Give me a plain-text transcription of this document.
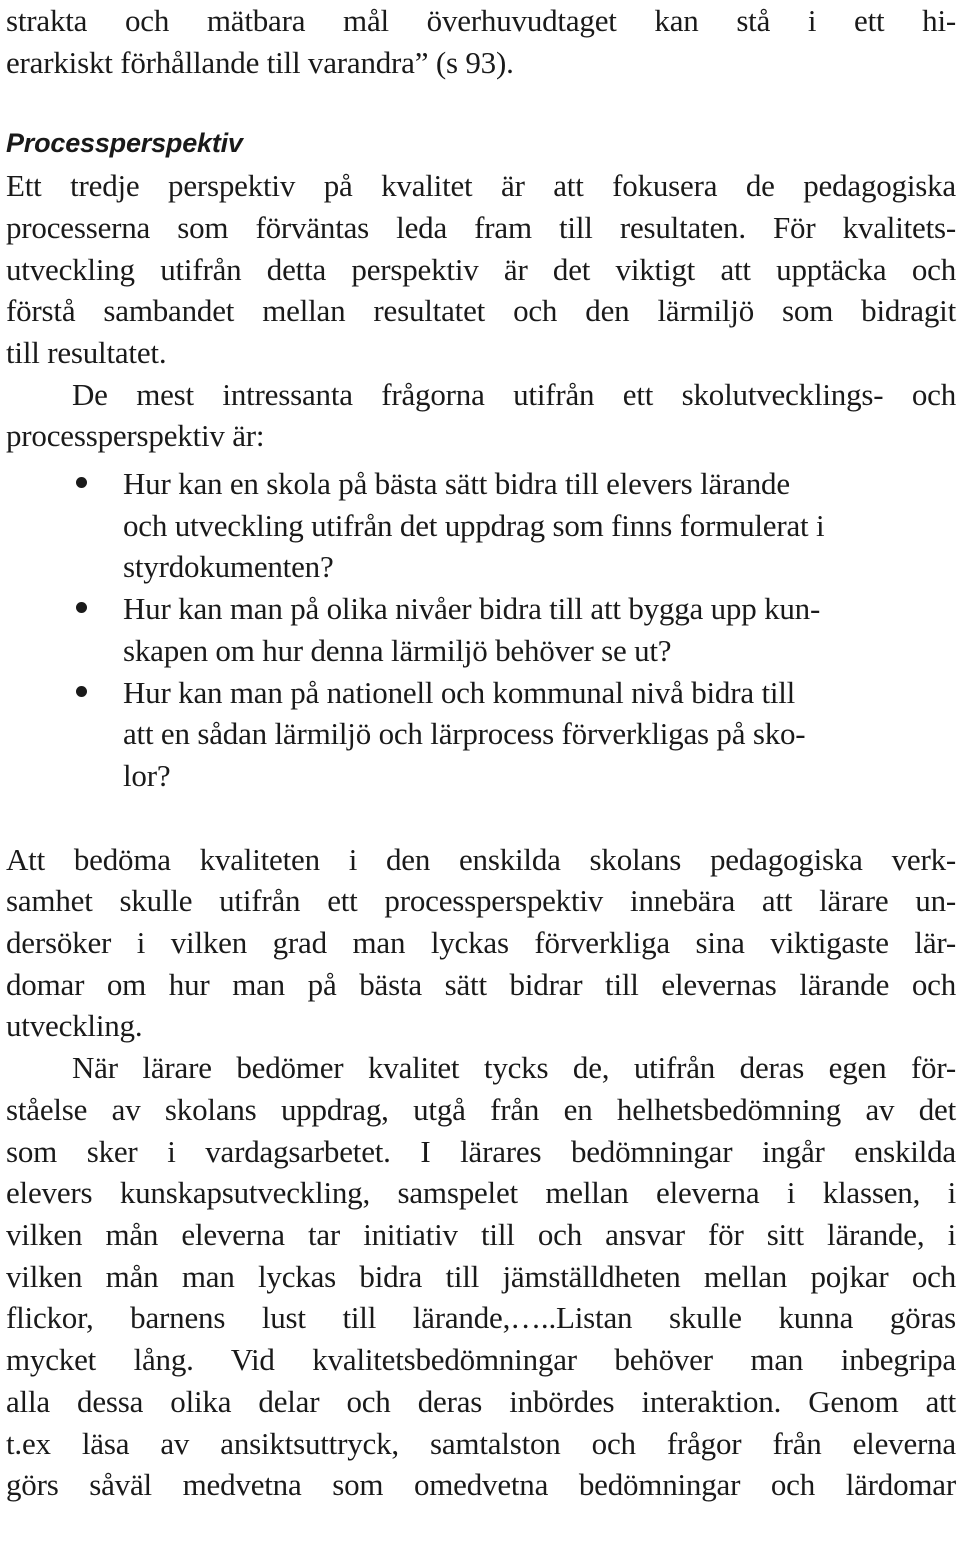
strakta och mätbara mål överhuvudtaget kan stå i ett hi-
erarkiskt förhållande till varandra” (s 93).
Processperspektiv
Ett tredje perspektiv på kvalitet är att fokusera de pedagogiska
processerna som förväntas leda fram till resultaten. För kvalitets-
utveckling utifrån detta perspektiv är det viktigt att upptäcka och
förstå sambandet mellan resultatet och den lärmiljö som bidragit
till resultatet.
De mest intressanta frågorna utifrån ett skolutvecklings- och
processperspektiv är:
Hur kan en skola på bästa sätt bidra till elevers lärande
och utveckling utifrån det uppdrag som finns formulerat i
styrdokumenten?
Hur kan man på olika nivåer bidra till att bygga upp kun-
skapen om hur denna lärmiljö behöver se ut?
Hur kan man på nationell och kommunal nivå bidra till
att en sådan lärmiljö och lärprocess förverkligas på sko-
lor?
Att bedöma kvaliteten i den enskilda skolans pedagogiska verk-
samhet skulle utifrån ett processperspektiv innebära att lärare un-
dersöker i vilken grad man lyckas förverkliga sina viktigaste lär-
domar om hur man på bästa sätt bidrar till elevernas lärande och
utveckling.
När lärare bedömer kvalitet tycks de, utifrån deras egen för-
ståelse av skolans uppdrag, utgå från en helhetsbedömning av det
som sker i vardagsarbetet. I lärares bedömningar ingår enskilda
elevers kunskapsutveckling, samspelet mellan eleverna i klassen, i
vilken mån eleverna tar initiativ till och ansvar för sitt lärande, i
vilken mån man lyckas bidra till jämställdheten mellan pojkar och
flickor, barnens lust till lärande,…..Listan skulle kunna göras
mycket lång. Vid kvalitetsbedömningar behöver man inbegripa
alla dessa olika delar och deras inbördes interaktion. Genom att
t.ex läsa av ansiktsuttryck, samtalston och frågor från eleverna
görs såväl medvetna som omedvetna bedömningar och lärdomar
